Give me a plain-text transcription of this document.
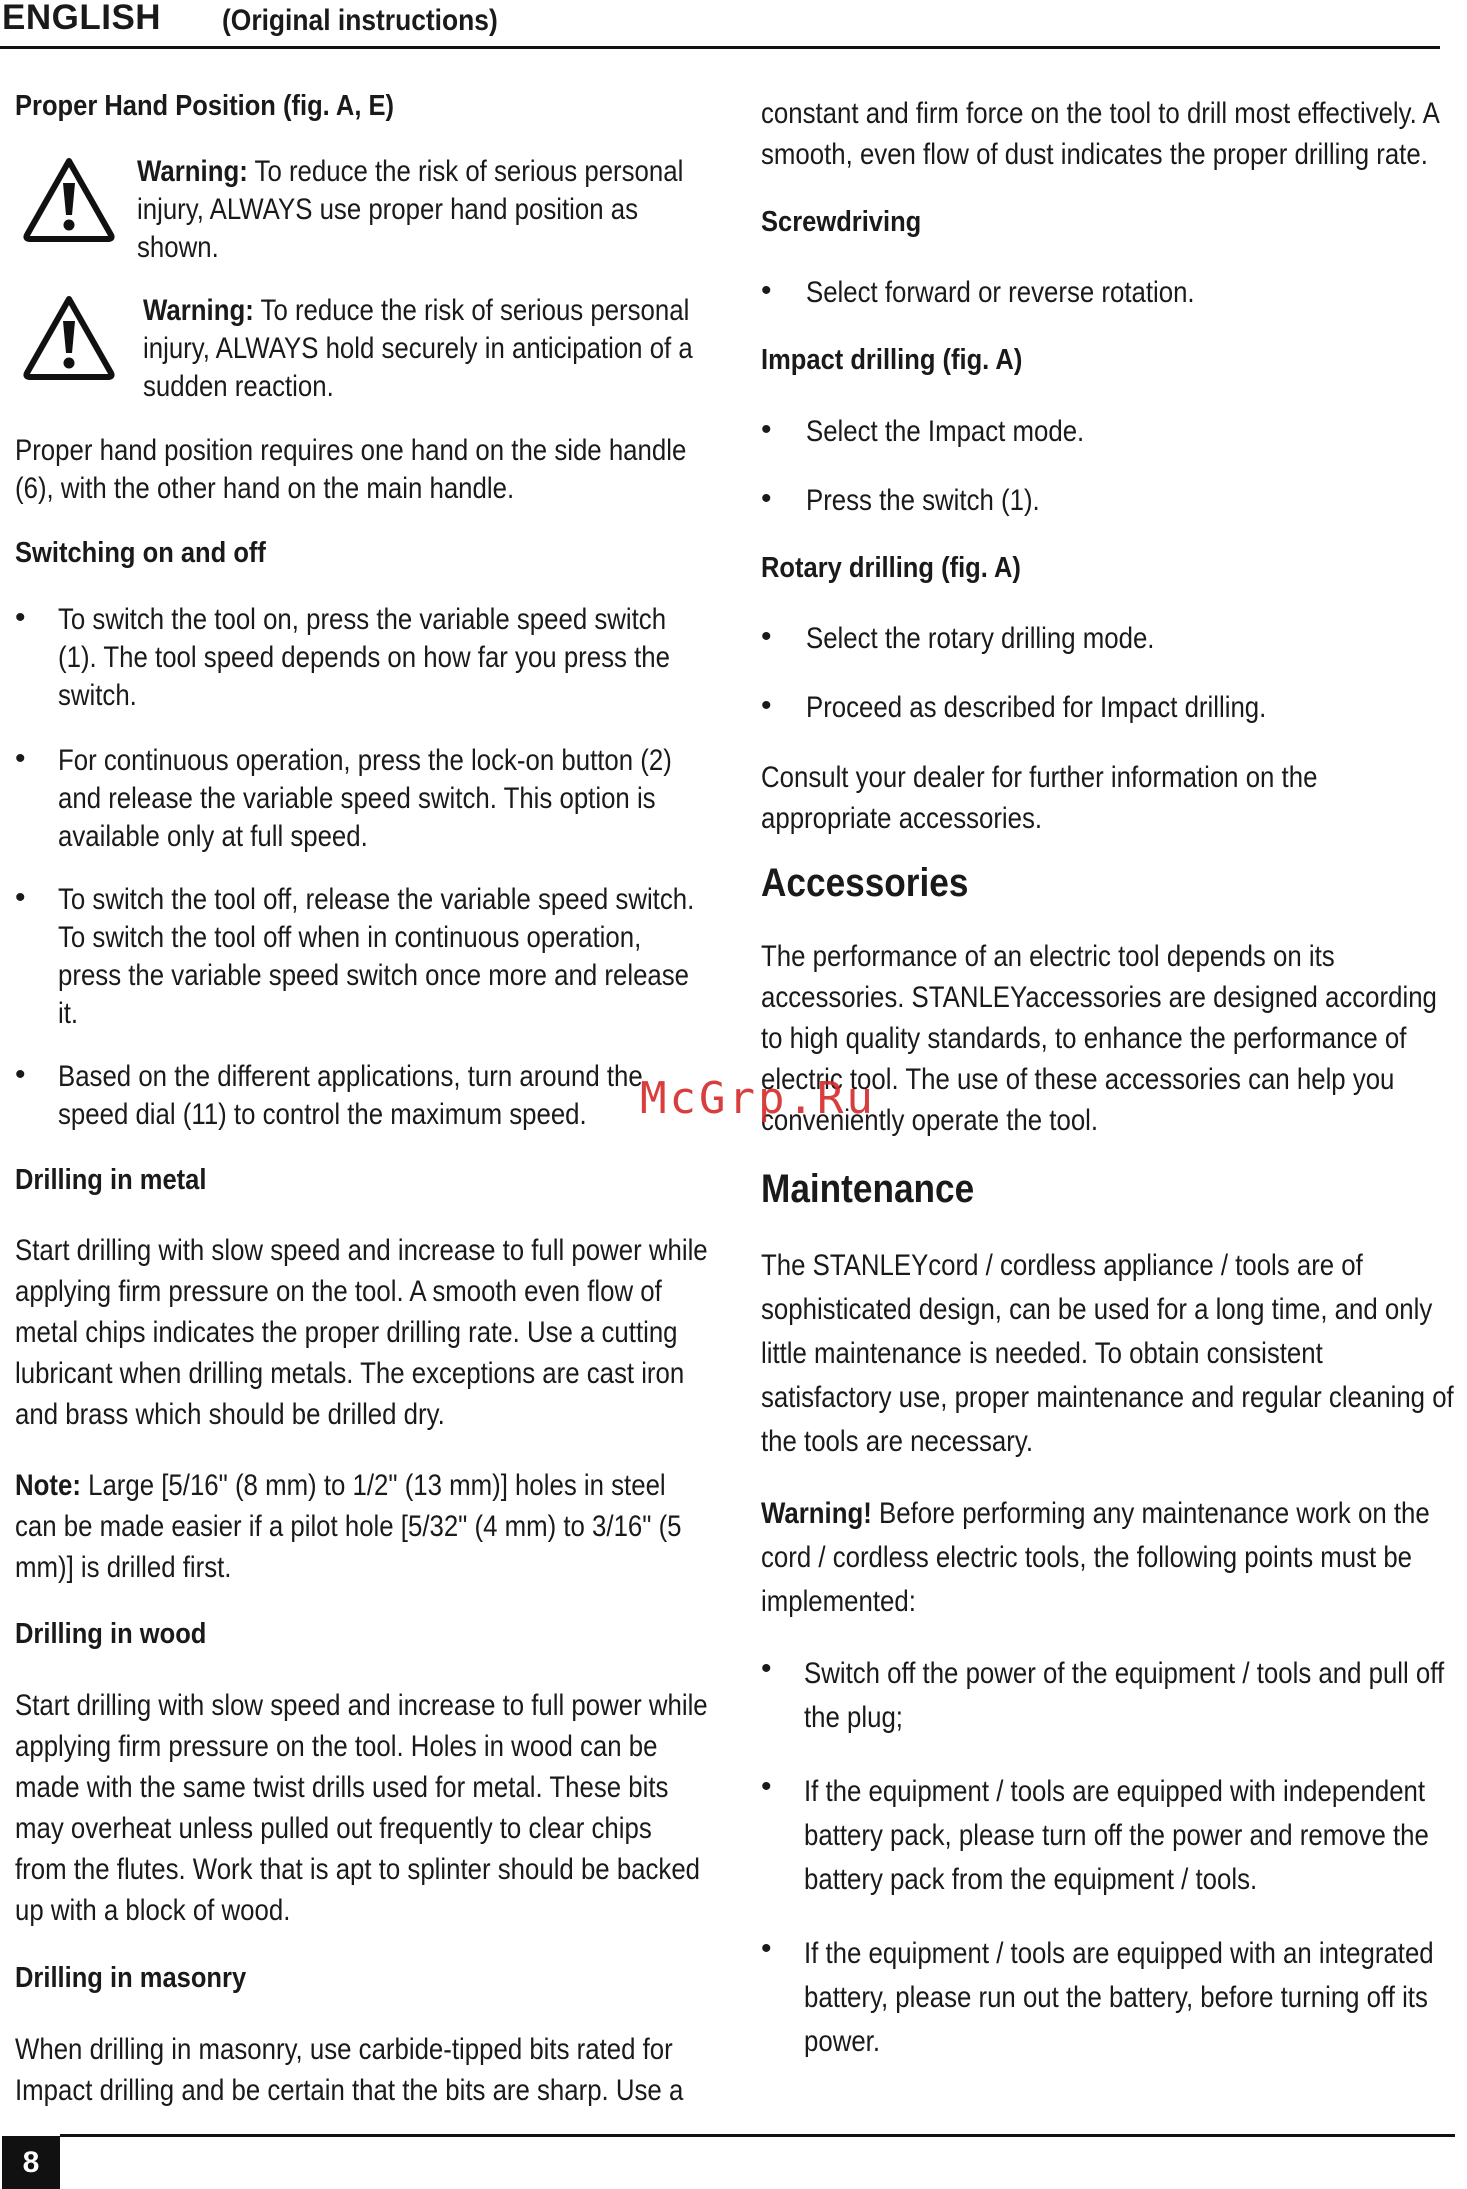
ENGLISH (Original instructions)
Proper Hand Position (fig. A, E)
Warning: To reduce the risk of serious personal
injury, ALWAYS use proper hand position as
shown.
Warning: To reduce the risk of serious personal
injury, ALWAYS hold securely in anticipation of a
sudden reaction.
Proper hand position requires one hand on the side handle
(6), with the other hand on the main handle.
Switching on and off
• To switch the tool on, press the variable speed switch
(1). The tool speed depends on how far you press the
switch.
• For continuous operation, press the lock-on button (2)
and release the variable speed switch. This option is
available only at full speed.
• To switch the tool off, release the variable speed switch.
To switch the tool off when in continuous operation,
press the variable speed switch once more and release
it.
• Based on the different applications, turn around the
speed dial (11) to control the maximum speed.
Drilling in metal
Start drilling with slow speed and increase to full power while
applying firm pressure on the tool. A smooth even flow of
metal chips indicates the proper drilling rate. Use a cutting
lubricant when drilling metals. The exceptions are cast iron
and brass which should be drilled dry.
Note: Large [5/16" (8 mm) to 1/2" (13 mm)] holes in steel
can be made easier if a pilot hole [5/32" (4 mm) to 3/16" (5
mm)] is drilled first.
Drilling in wood
Start drilling with slow speed and increase to full power while
applying firm pressure on the tool. Holes in wood can be
made with the same twist drills used for metal. These bits
may overheat unless pulled out frequently to clear chips
from the flutes. Work that is apt to splinter should be backed
up with a block of wood.
Drilling in masonry
When drilling in masonry, use carbide-tipped bits rated for
Impact drilling and be certain that the bits are sharp. Use a
constant and firm force on the tool to drill most effectively. A
smooth, even flow of dust indicates the proper drilling rate.
Screwdriving
• Select forward or reverse rotation.
Impact drilling (fig. A)
• Select the Impact mode.
• Press the switch (1).
Rotary drilling (fig. A)
• Select the rotary drilling mode.
• Proceed as described for Impact drilling.
Consult your dealer for further information on the
appropriate accessories.
Accessories
The performance of an electric tool depends on its
accessories. STANLEYaccessories are designed according
to high quality standards, to enhance the performance of
electric tool. The use of these accessories can help you
conveniently operate the tool.
Maintenance
The STANLEYcord / cordless appliance / tools are of
sophisticated design, can be used for a long time, and only
little maintenance is needed. To obtain consistent
satisfactory use, proper maintenance and regular cleaning of
the tools are necessary.
Warning! Before performing any maintenance work on the
cord / cordless electric tools, the following points must be
implemented:
• Switch off the power of the equipment / tools and pull off
the plug;
• If the equipment / tools are equipped with independent
battery pack, please turn off the power and remove the
battery pack from the equipment / tools.
• If the equipment / tools are equipped with an integrated
battery, please run out the battery, before turning off its
power.
McGrp.Ru
8
